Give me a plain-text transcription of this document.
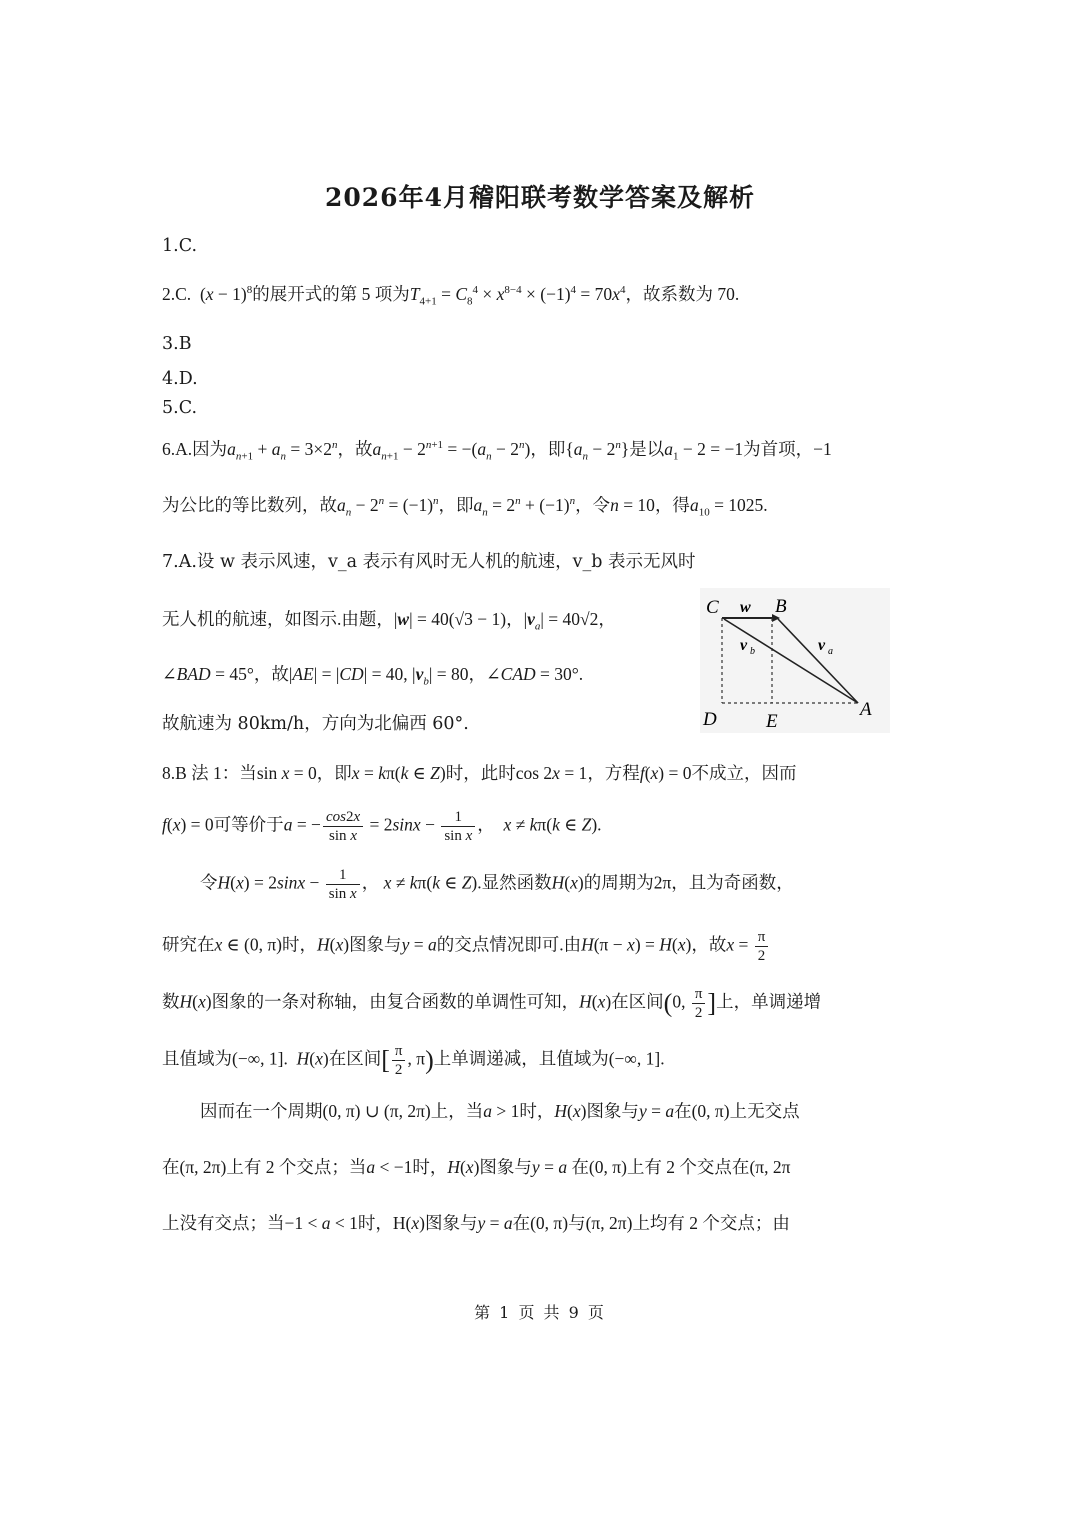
2026年4月稽阳联考数学答案及解析
1.C.
2.C.  $(x - 1)^8$的展开式的第 5 项为$T_{4+1} = C_8^4 \times x^{8-4} \times (-1)^4 = 70x^4$，故系数为 70.
3.B
4.D.
5.C.
6.A.因为$a_{n+1} + a_n = 3\times 2^n$，故$a_{n+1} - 2^{n+1} = -(a_n - 2^n)$，即$\{a_n - 2^n\}$是以$a_1 - 2 = -1$为首项，−1
为公比的等比数列，故$a_n - 2^n = (-1)^n$，即$a_n = 2^n + (-1)^n$，令n = 10，得$a_{10} = 1025$.
7.A.设 w 表示风速，v_a 表示有风时无人机的航速，v_b 表示无风时
无人机的航速，如图示.由题，|w| = 40(√3 − 1)，$|v_a| = 40√2$，
∠BAD = 45°，故|AE| = |CD| = 40, $|v_b| = 80$，∠CAD = 30°.
故航速为 80km/h，方向为北偏西 60°.
C w B
v b	v a
D	E
A
8.B 法 1：当sin x = 0，即x = kπ(k ∈ Z)时，此时cos 2x = 1，方程f(x) = 0不成立，因而
f(x) = 0可等价于a = − $\frac{\cos 2x}{\text{sin x}} = 2\sin x - \frac{1}{\text{sin x}}$ ，  x ≠ kπ(k ∈ Z).
令$H(x) = 2\sin x - \frac{1}{\text{sin x}}$ ， x ≠ kπ(k ∈ Z).显然函数H(x)的周期为2π，且为奇函数，
研究在x ∈ (0, π)时，H(x)图象与y = a的交点情况即可.由H(π − x) = H(x)，故$x = \frac{\pi}{2}$
数H(x)图象的一条对称轴，由复合函数的单调性可知，H(x)在区间(0, $\frac{\pi}{2}$ ]上，单调递增
且值域为(−∞, 1].  H(x)在区间[ $\frac{\pi}{2}$ , π)上单调递减，且值域为(−∞, 1].
因而在一个周期(0, π) ∪ (π, 2π)上，当a > 1时，H(x)图象与y = a在(0, π)上无交点
在(π, 2π)上有 2 个交点；当a < −1时，H(x)图象与y = a 在(0, π)上有 2 个交点在(π, 2π
上没有交点；当−1 < a < 1时，H(x)图象与y = a在(0, π)与(π, 2π)上均有 2 个交点；由
第 1 页 共 9 页
